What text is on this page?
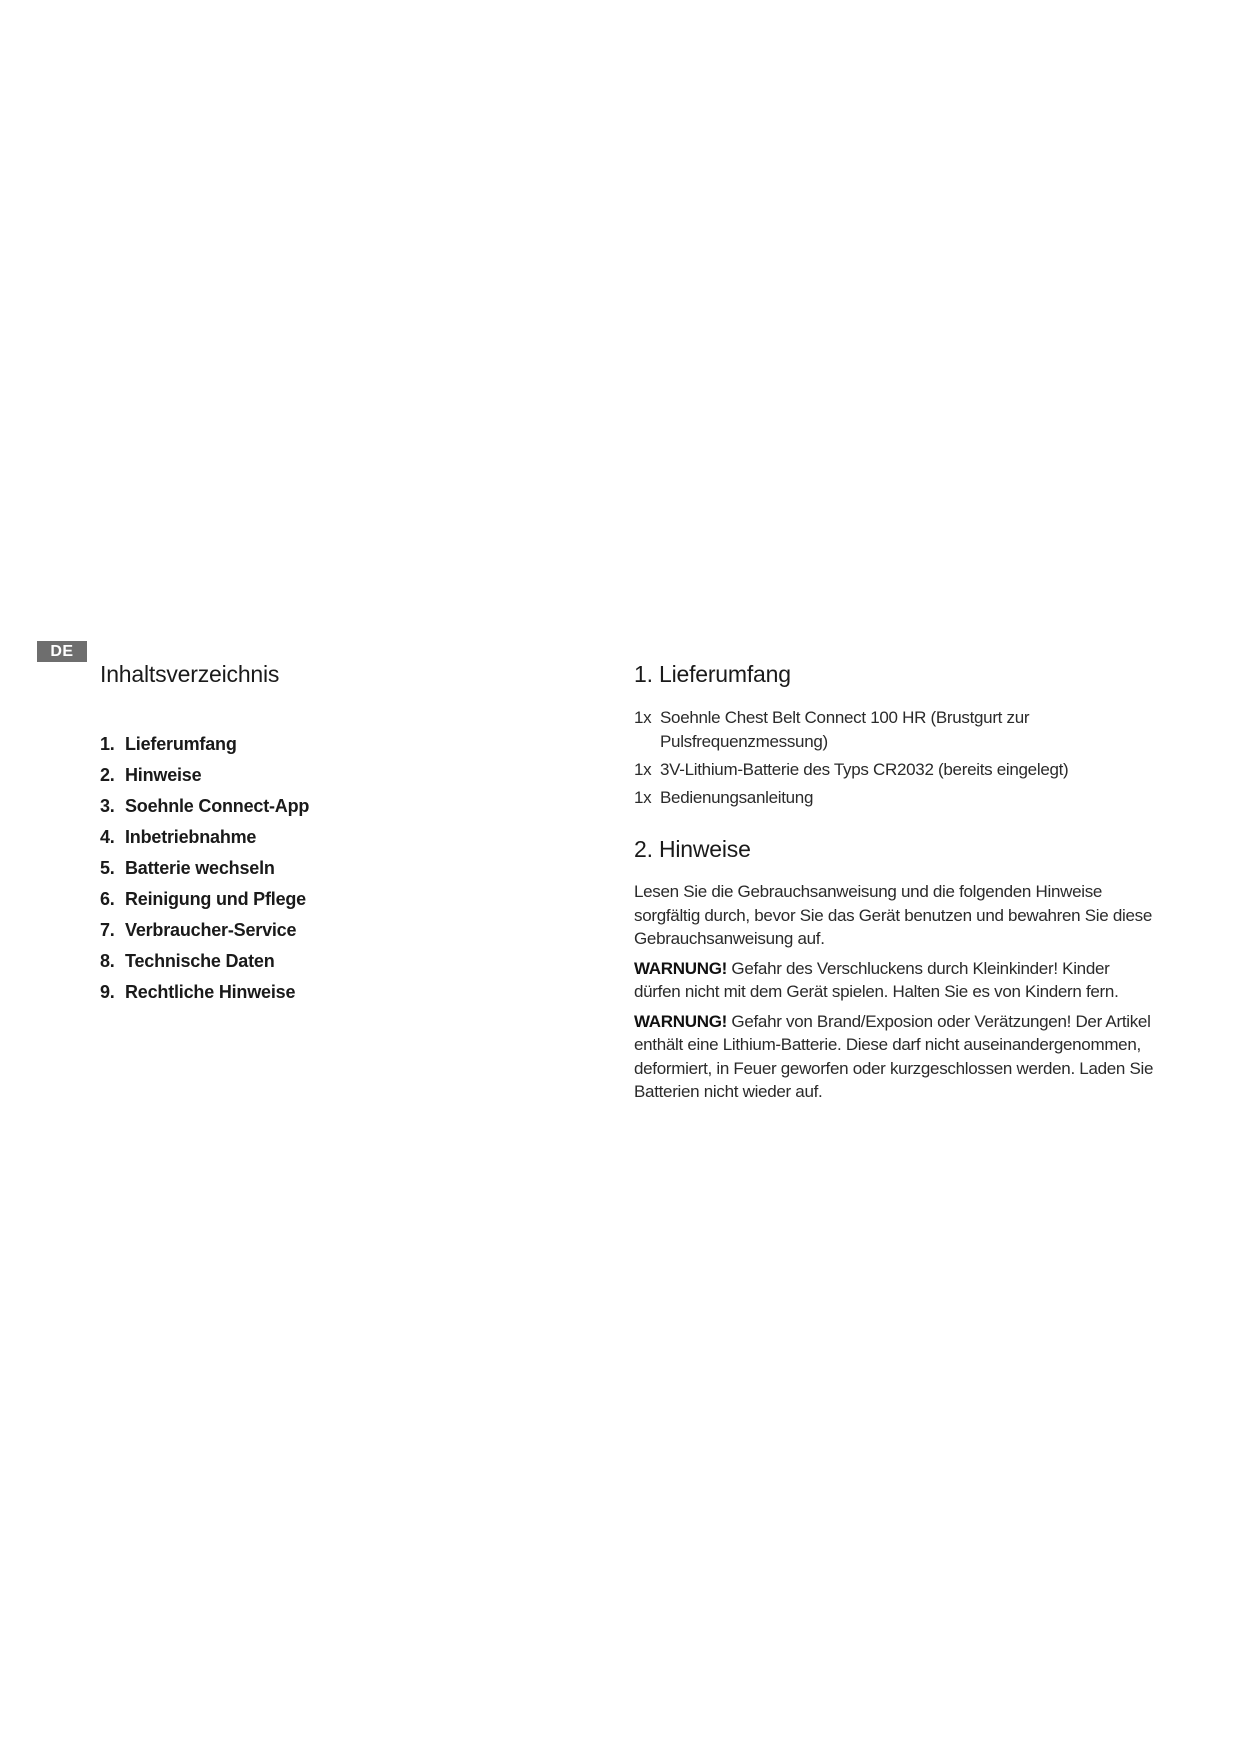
DE
Inhaltsverzeichnis
1. Lieferumfang
2. Hinweise
3. Soehnle Connect-App
4. Inbetriebnahme
5. Batterie wechseln
6. Reinigung und Pflege
7. Verbraucher-Service
8. Technische Daten
9. Rechtliche Hinweise
1. Lieferumfang
1x Soehnle Chest Belt Connect 100 HR (Brustgurt zur Pulsfrequenzmessung)
1x 3V-Lithium-Batterie des Typs CR2032 (bereits eingelegt)
1x Bedienungsanleitung
2. Hinweise

Lesen Sie die Gebrauchsanweisung und die folgenden Hinweise sorgfältig durch, bevor Sie das Gerät benutzen und bewahren Sie diese Gebrauchsanweisung auf.

WARNUNG! Gefahr des Verschluckens durch Kleinkinder! Kinder dürfen nicht mit dem Gerät spielen. Halten Sie es von Kindern fern.

WARNUNG! Gefahr von Brand/Exposion oder Verätzungen! Der Artikel enthält eine Lithium-Batterie. Diese darf nicht auseinandergenommen, deformiert, in Feuer geworfen oder kurzgeschlossen werden. Laden Sie Batterien nicht wieder auf.
